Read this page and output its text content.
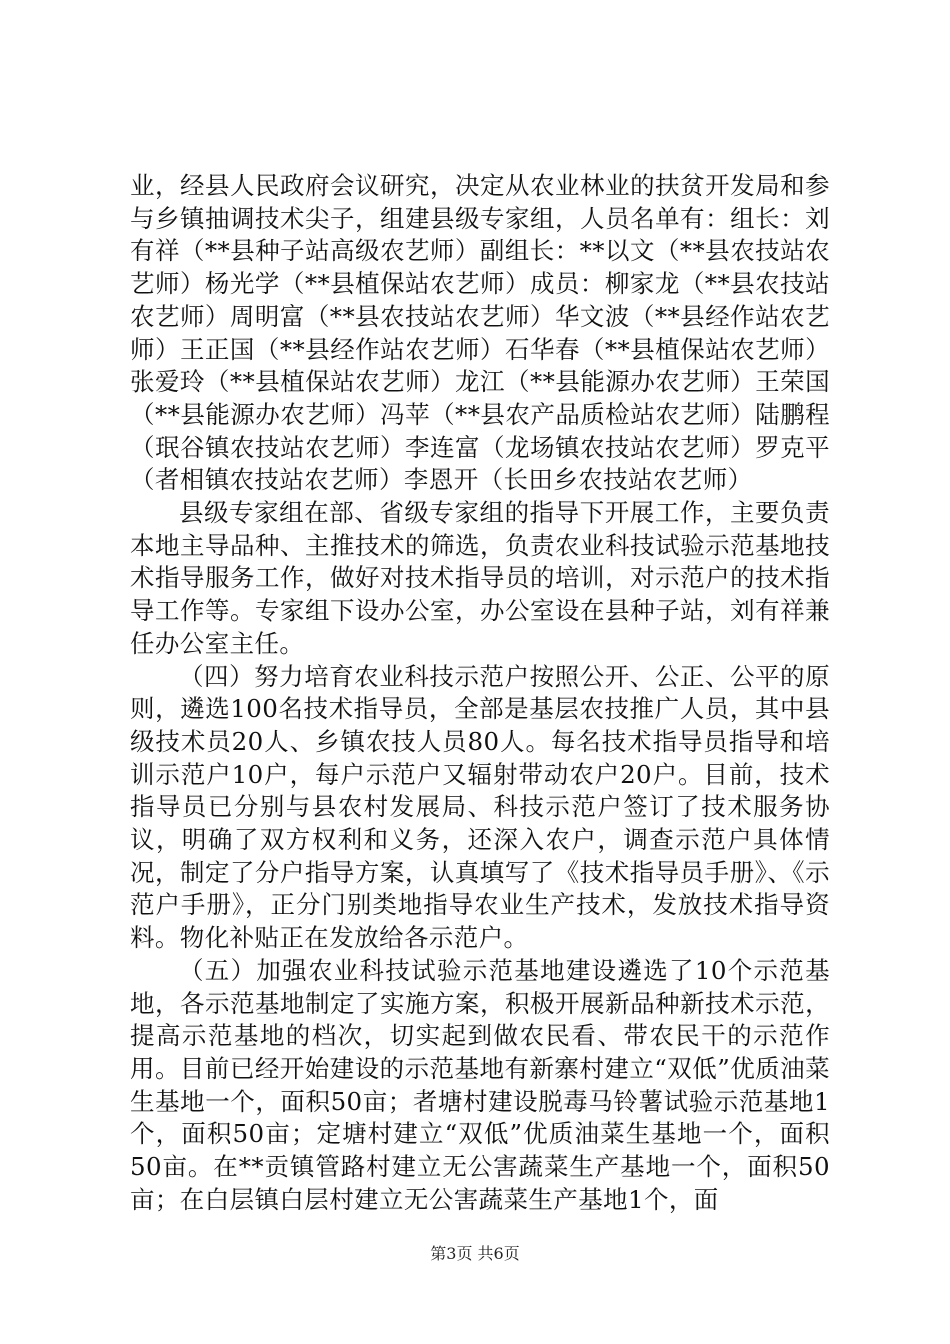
业，经县人民政府会议研究，决定从农业林业的扶贫开发局和参与乡镇抽调技术尖子，组建县级专家组，人员名单有：组长：刘有祥（**县种子站高级农艺师）副组长：**以文（**县农技站农艺师）杨光学（**县植保站农艺师）成员：柳家龙（**县农技站农艺师）周明富（**县农技站农艺师）华文波（**县经作站农艺师）王正国（**县经作站农艺师）石华春（**县植保站农艺师）张爱玲（**县植保站农艺师）龙江（**县能源办农艺师）王荣国（**县能源办农艺师）冯苹（**县农产品质检站农艺师）陆鹏程（珉谷镇农技站农艺师）李连富（龙场镇农技站农艺师）罗克平（者相镇农技站农艺师）李恩开（长田乡农技站农艺师）

县级专家组在部、省级专家组的指导下开展工作，主要负责本地主导品种、主推技术的筛选，负责农业科技试验示范基地技术指导服务工作，做好对技术指导员的培训，对示范户的技术指导工作等。专家组下设办公室，办公室设在县种子站，刘有祥兼任办公室主任。

（四）努力培育农业科技示范户按照公开、公正、公平的原则，遴选100名技术指导员，全部是基层农技推广人员，其中县级技术员20人、乡镇农技人员80人。每名技术指导员指导和培训示范户10户，每户示范户又辐射带动农户20户。目前，技术指导员已分别与县农村发展局、科技示范户签订了技术服务协议，明确了双方权利和义务，还深入农户，调查示范户具体情况，制定了分户指导方案，认真填写了《技术指导员手册》、《示范户手册》，正分门别类地指导农业生产技术，发放技术指导资料。物化补贴正在发放给各示范户。

（五）加强农业科技试验示范基地建设遴选了10个示范基地，各示范基地制定了实施方案，积极开展新品种新技术示范，提高示范基地的档次，切实起到做农民看、带农民干的示范作用。目前已经开始建设的示范基地有新寨村建立“双低”优质油菜生基地一个，面积50亩；者塘村建设脱毒马铃薯试验示范基地1个，面积50亩；定塘村建立“双低”优质油菜生基地一个，面积50亩。在**贡镇管路村建立无公害蔬菜生产基地一个，面积50亩；在白层镇白层村建立无公害蔬菜生产基地1个，面

第3页 共6页
